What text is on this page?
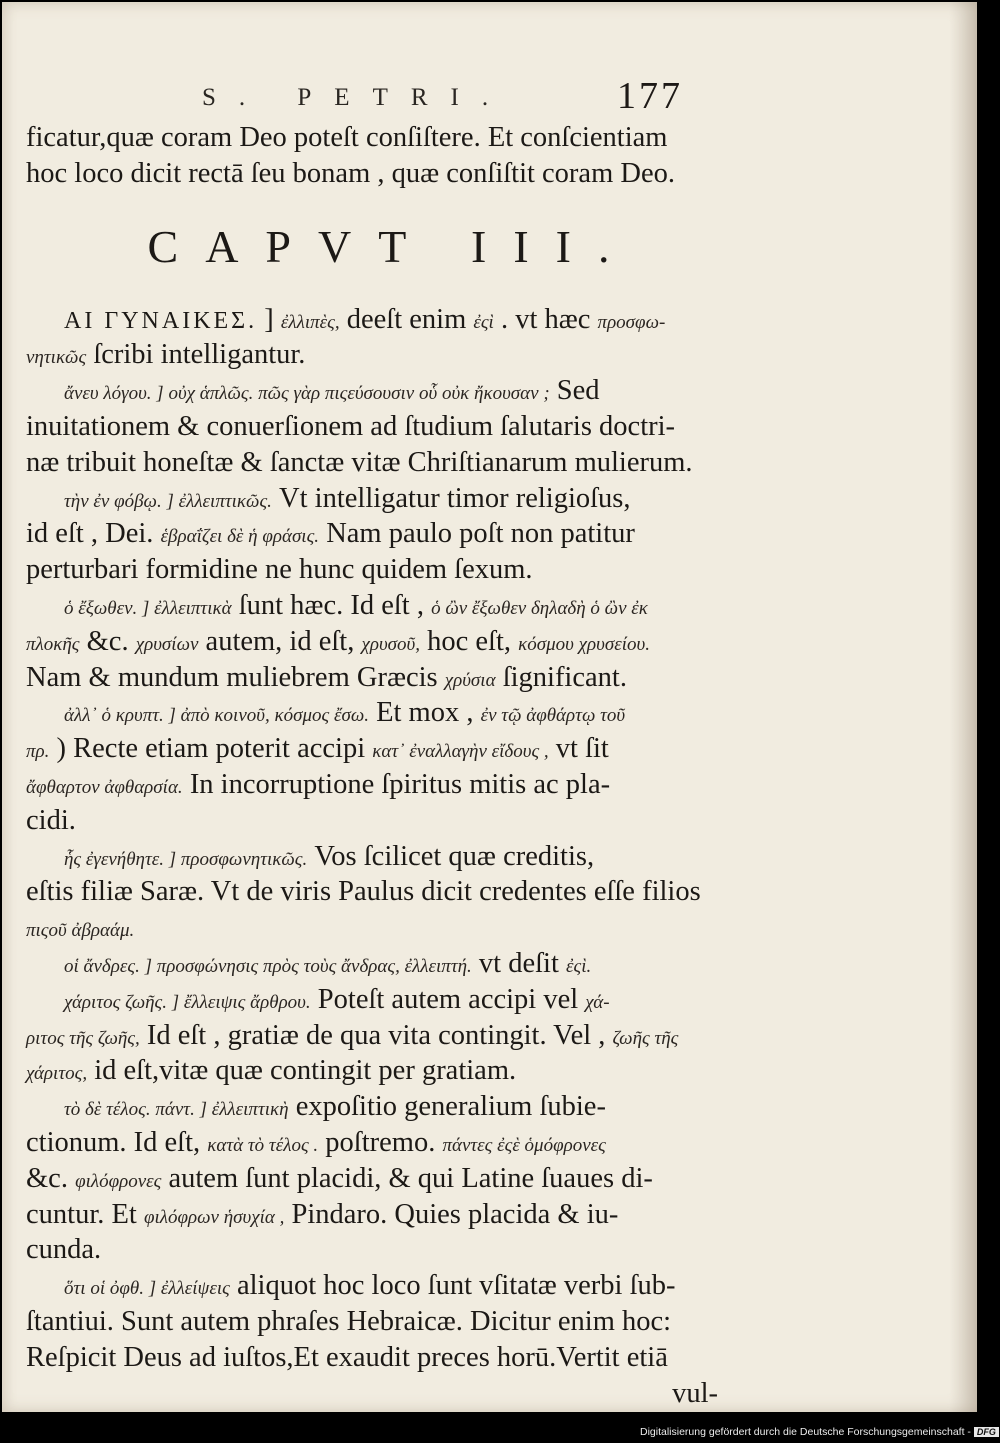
S. PETRI.	177
ficatur,quæ coram Deo poteſt conſiſtere. Et conſcientiam
hoc loco dicit rectā ſeu bonam , quæ conſiſtit coram Deo.
CAPVT III.
ΑΙ ΓΥΝΑΙΚΕΣ. ] ἐλλιπὲς, deeſt enim ἐςὶ . vt hæc προσφω-
νητικῶς ſcribi intelligantur.
ἄνευ λόγου. ] οὐχ ἁπλῶς. πῶς γὰρ πιςεύσουσιν οὗ οὐκ ἤκουσαν ; Sed
inuitationem & conuerſionem ad ſtudium ſalutaris doctri-
næ tribuit honeſtæ & ſanctæ vitæ Chriſtianarum mulierum.
τὴν ἐν φόβῳ. ] ἐλλειπτικῶς. Vt intelligatur timor religioſus,
id eſt , Dei. ἑβραΐζει δὲ ἡ φράσις. Nam paulo poſt non patitur
perturbari formidine ne hunc quidem ſexum.
ὁ ἔξωθεν. ] ἐλλειπτικὰ ſunt hæc. Id eſt , ὁ ὢν ἔξωθεν δηλαδὴ ὁ ὢν ἐκ
πλοκῆς &c. χρυσίων autem, id eſt, χρυσοῦ, hoc eſt, κόσμου χρυσείου.
Nam & mundum muliebrem Græcis χρύσια ſignificant.
ἀλλ᾽ ὁ κρυπτ. ] ἀπὸ κοινοῦ, κόσμος ἔσω. Et mox , ἐν τῷ ἀφθάρτῳ τοῦ
πρ. ) Recte etiam poterit accipi κατ᾽ ἐναλλαγὴν εἴδους , vt ſit
ἄφθαρτον ἀφθαρσία. In incorruptione ſpiritus mitis ac pla-
cidi.
ἧς ἐγενήθητε. ] προσφωνητικῶς. Vos ſcilicet quæ creditis,
eſtis filiæ Saræ. Vt de viris Paulus dicit credentes eſſe filios
πιςοῦ ἀβραάμ.
οἱ ἄνδρες. ] προσφώνησις πρὸς τοὺς ἄνδρας, ἐλλειπτή. vt deſit ἐςὶ.
χάριτος ζωῆς. ] ἔλλειψις ἄρθρου. Poteſt autem accipi vel χά-
ριτος τῆς ζωῆς, Id eſt , gratiæ de qua vita contingit. Vel , ζωῆς τῆς
χάριτος, id eſt,vitæ quæ contingit per gratiam.
τὸ δὲ τέλος. πάντ. ] ἐλλειπτικὴ expoſitio generalium ſubie-
ctionum. Id eſt, κατὰ τὸ τέλος . poſtremo. πάντες ἐςὲ ὁμόφρονες
&c. φιλόφρονες autem ſunt placidi, & qui Latine ſuaues di-
cuntur. Et φιλόφρων ἡσυχία , Pindaro. Quies placida & iu-
cunda.
ὅτι οἱ ὀφθ. ] ἐλλείψεις aliquot hoc loco ſunt vſitatæ verbi ſub-
ſtantiui. Sunt autem phraſes Hebraicæ. Dicitur enim hoc:
Reſpicit Deus ad iuſtos,Et exaudit preces horū.Vertit etiā
vul-
Digitalisierung gefördert durch die Deutsche Forschungsgemeinschaft - DFG
